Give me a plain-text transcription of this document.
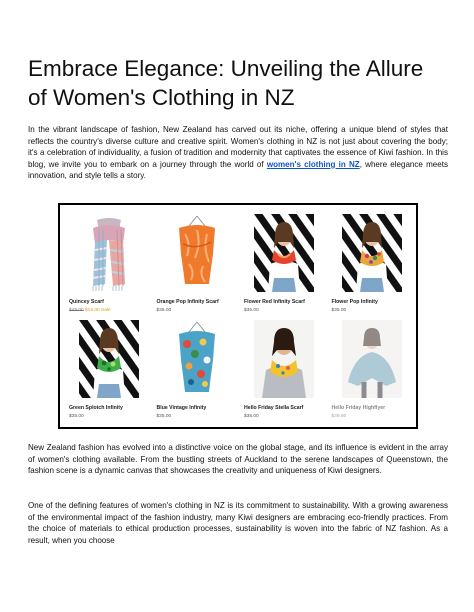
Embrace Elegance: Unveiling the Allure of Women's Clothing in NZ

In the vibrant landscape of fashion, New Zealand has carved out its niche, offering a unique blend of styles that reflects the country's diverse culture and creative spirit. Women's clothing in NZ is not just about covering the body; it's a celebration of individuality, a fusion of tradition and modernity that captivates the essence of Kiwi fashion. In this blog, we invite you to embark on a journey through the world of women's clothing in NZ, where elegance meets innovation, and style tells a story.

Quincey Scarf
$49.00 $15.00 Sale
Orange Pop Infinity Scarf
$35.00
Flower Red Infinity Scarf
$35.00
Flower Pop Infinity
$35.00
Green Splotch Infinity
$35.00
Blue Vintage Infinity
$35.00
Hello Friday Stella Scarf
$35.00
Hello Friday Highflyer
$39.95

New Zealand fashion has evolved into a distinctive voice on the global stage, and its influence is evident in the array of women's clothing available. From the bustling streets of Auckland to the serene landscapes of Queenstown, the fashion scene is a dynamic canvas that showcases the creativity and uniqueness of Kiwi designers.

One of the defining features of women's clothing in NZ is its commitment to sustainability. With a growing awareness of the environmental impact of the fashion industry, many Kiwi designers are embracing eco-friendly practices. From the choice of materials to ethical production processes, sustainability is woven into the fabric of NZ fashion. As a result, when you choose
